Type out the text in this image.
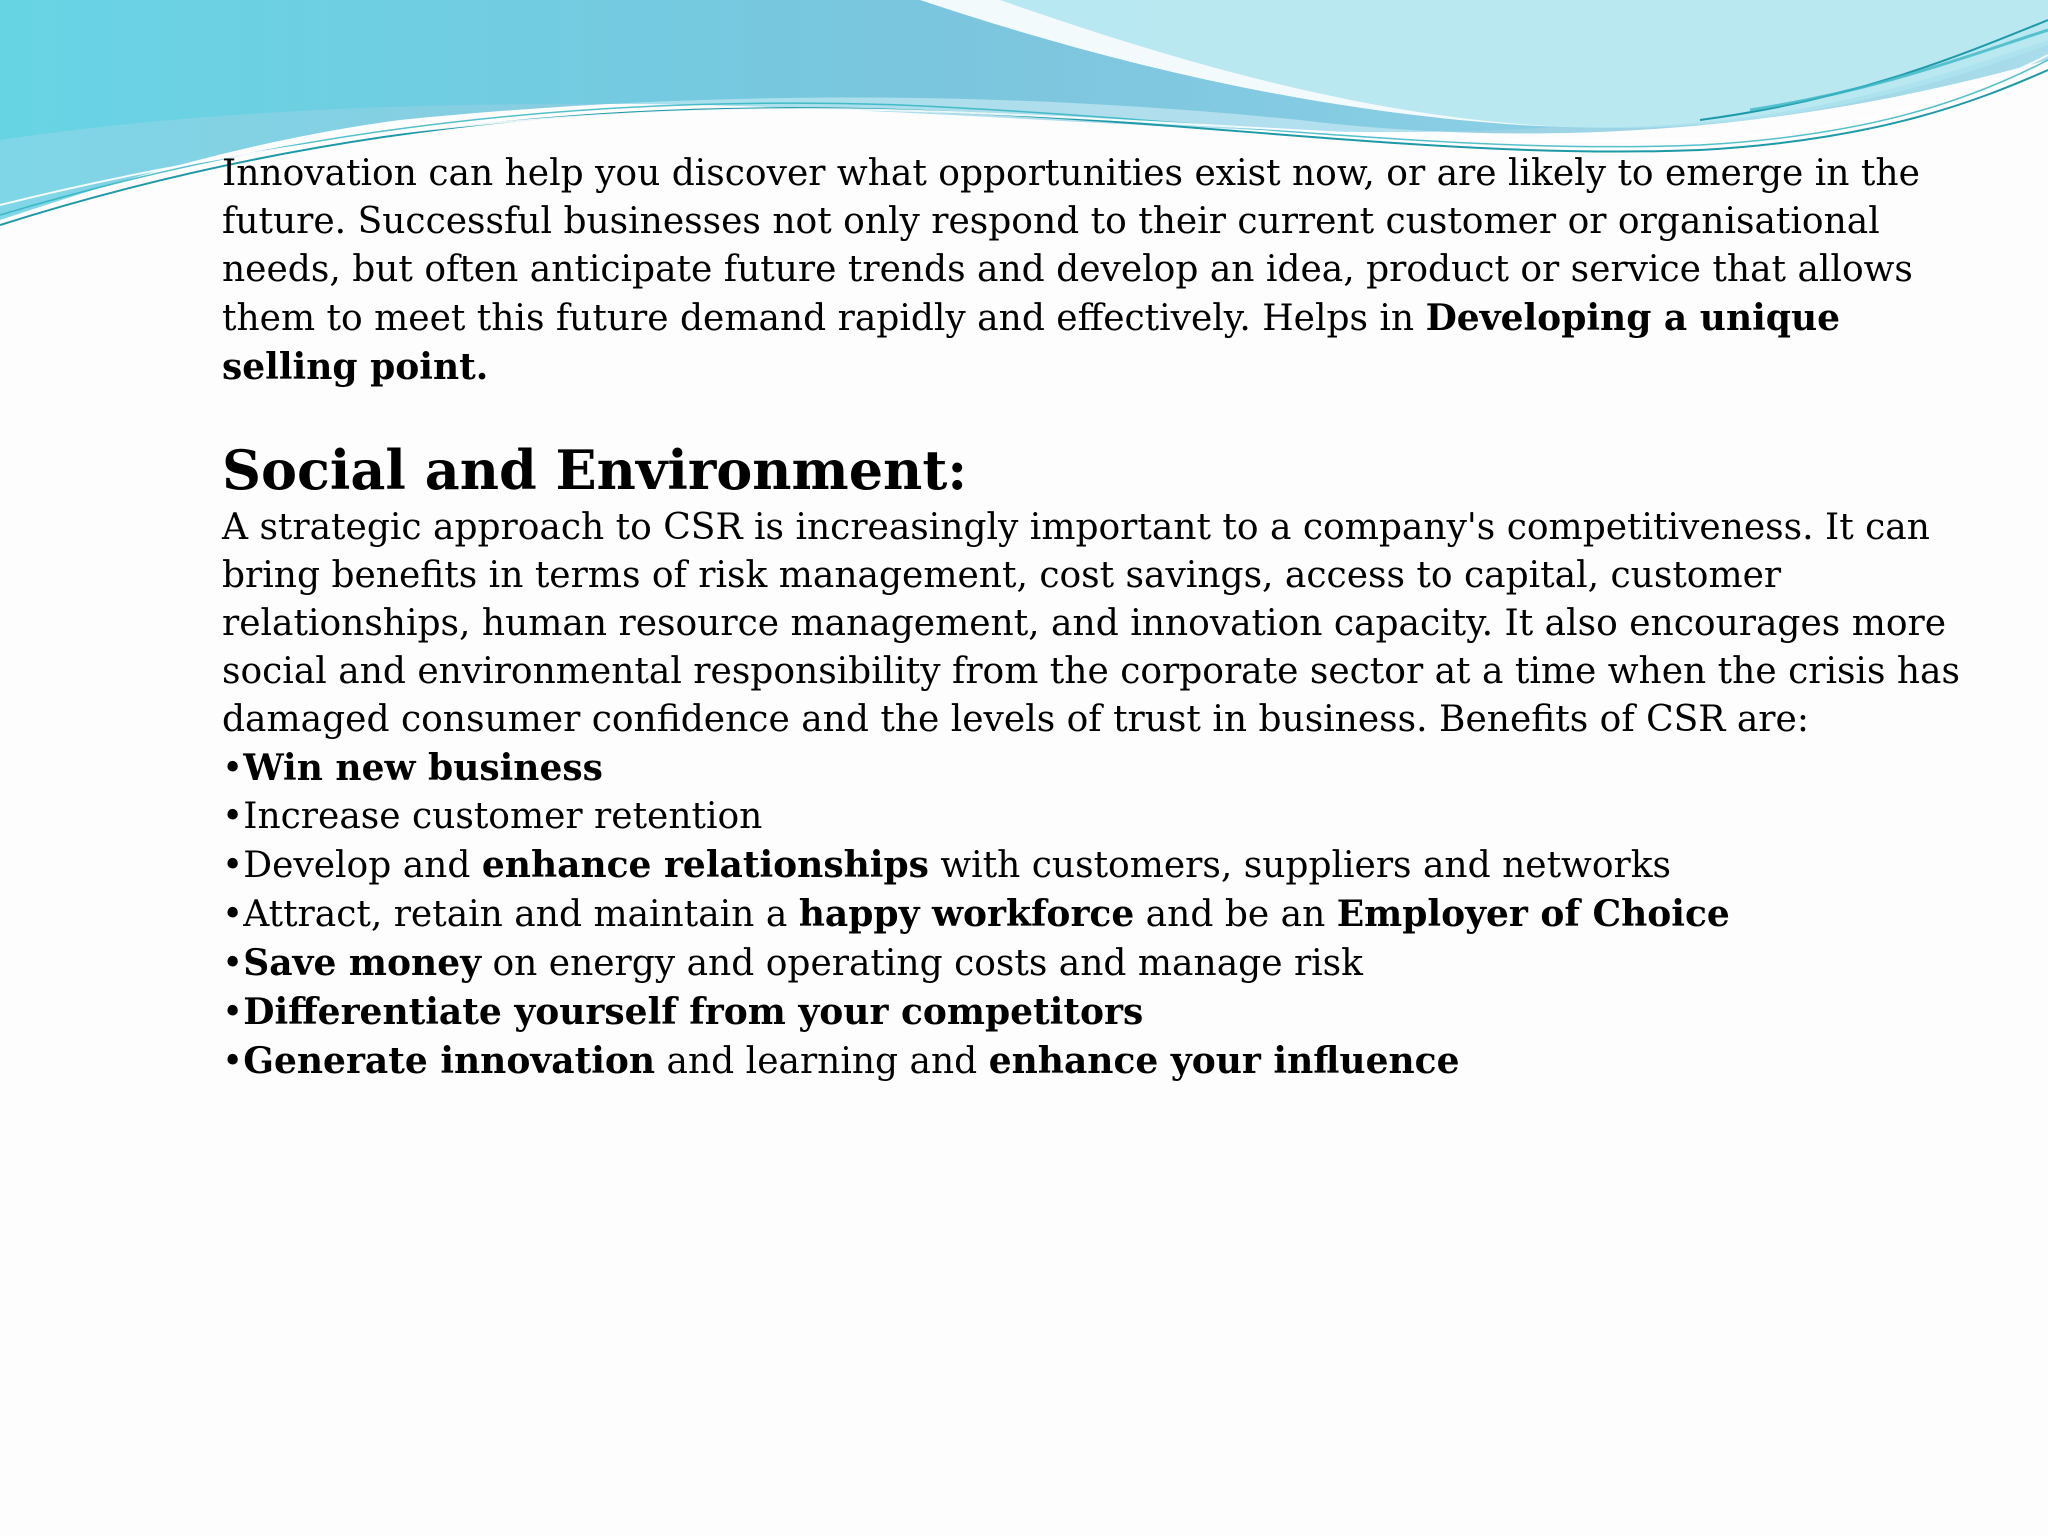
Innovation can help you discover what opportunities exist now, or are likely to emerge in the future. Successful businesses not only respond to their current customer or organisational needs, but often anticipate future trends and develop an idea, product or service that allows them to meet this future demand rapidly and effectively. Helps in Developing a unique selling point.

Social and Environment:

A strategic approach to CSR is increasingly important to a company's competitiveness. It can bring benefits in terms of risk management, cost savings, access to capital, customer relationships, human resource management, and innovation capacity. It also encourages more social and environmental responsibility from the corporate sector at a time when the crisis has damaged consumer confidence and the levels of trust in business. Benefits of CSR are:

•Win new business
•Increase customer retention
•Develop and enhance relationships with customers, suppliers and networks
•Attract, retain and maintain a happy workforce and be an Employer of Choice
•Save money on energy and operating costs and manage risk
•Differentiate yourself from your competitors
•Generate innovation and learning and enhance your influence
